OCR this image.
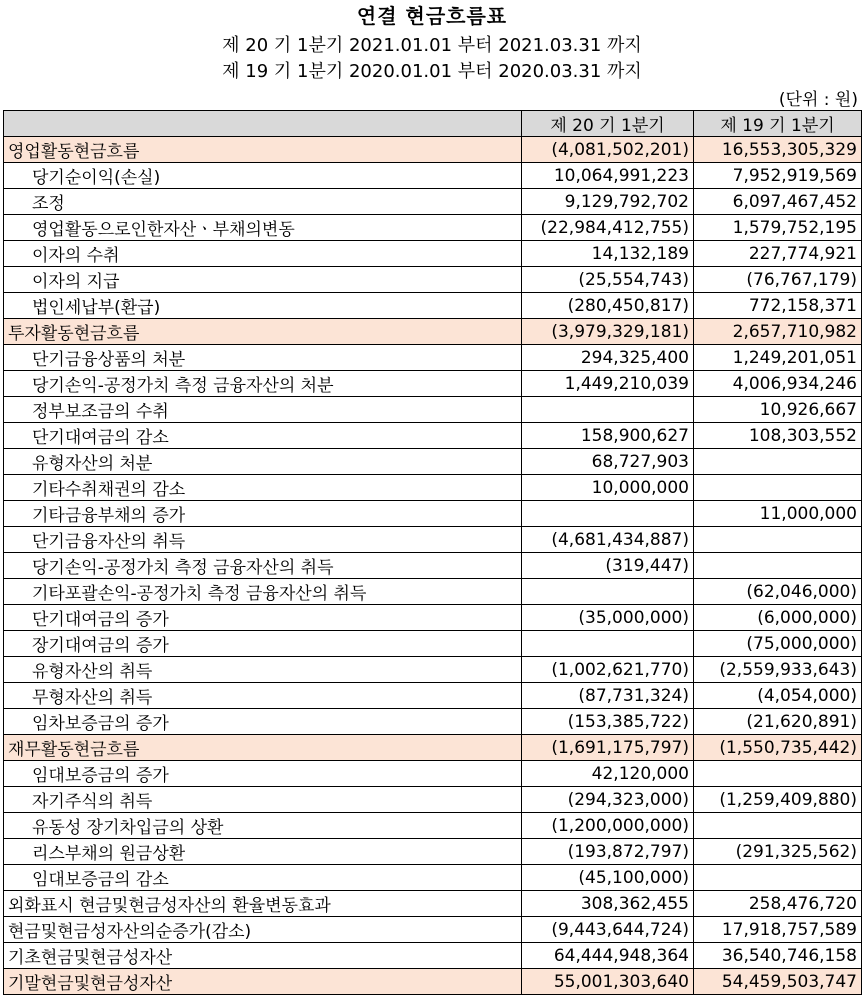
연결 현금흐름표
제 20 기 1분기 2021.01.01 부터 2021.03.31 까지
제 19 기 1분기 2020.01.01 부터 2020.03.31 까지
(단위 : 원)
	제 20 기 1분기	제 19 기 1분기
영업활동현금흐름	(4,081,502,201)	16,553,305,329
당기순이익(손실)	10,064,991,223	7,952,919,569
조정	9,129,792,702	6,097,467,452
영업활동으로인한자산ㆍ부채의변동	(22,984,412,755)	1,579,752,195
이자의 수취	14,132,189	227,774,921
이자의 지급	(25,554,743)	(76,767,179)
법인세납부(환급)	(280,450,817)	772,158,371
투자활동현금흐름	(3,979,329,181)	2,657,710,982
단기금융상품의 처분	294,325,400	1,249,201,051
당기손익-공정가치 측정 금융자산의 처분	1,449,210,039	4,006,934,246
정부보조금의 수취		10,926,667
단기대여금의 감소	158,900,627	108,303,552
유형자산의 처분	68,727,903	
기타수취채권의 감소	10,000,000	
기타금융부채의 증가		11,000,000
단기금융자산의 취득	(4,681,434,887)	
당기손익-공정가치 측정 금융자산의 취득	(319,447)	
기타포괄손익-공정가치 측정 금융자산의 취득		(62,046,000)
단기대여금의 증가	(35,000,000)	(6,000,000)
장기대여금의 증가		(75,000,000)
유형자산의 취득	(1,002,621,770)	(2,559,933,643)
무형자산의 취득	(87,731,324)	(4,054,000)
임차보증금의 증가	(153,385,722)	(21,620,891)
재무활동현금흐름	(1,691,175,797)	(1,550,735,442)
임대보증금의 증가	42,120,000	
자기주식의 취득	(294,323,000)	(1,259,409,880)
유동성 장기차입금의 상환	(1,200,000,000)	
리스부채의 원금상환	(193,872,797)	(291,325,562)
임대보증금의 감소	(45,100,000)	
외화표시 현금및현금성자산의 환율변동효과	308,362,455	258,476,720
현금및현금성자산의순증가(감소)	(9,443,644,724)	17,918,757,589
기초현금및현금성자산	64,444,948,364	36,540,746,158
기말현금및현금성자산	55,001,303,640	54,459,503,747
